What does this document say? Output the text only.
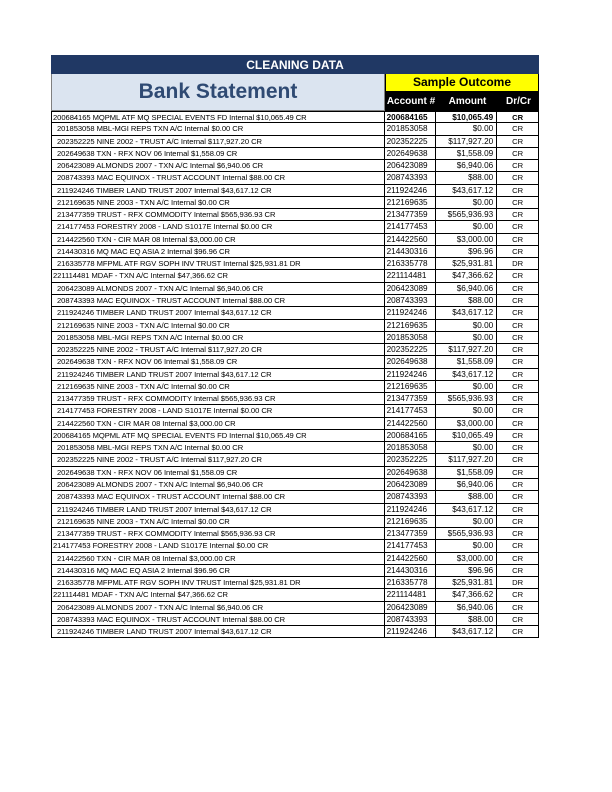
CLEANING DATA
Bank Statement	Sample Outcome
Account #	Amount	Dr/Cr
200684165 MQPML ATF MQ SPECIAL EVENTS FD Internal $10,065.49 CR	200684165	$10,065.49	CR
201853058 MBL-MGI REPS TXN A/C Internal $0.00 CR	201853058	$0.00	CR
202352225 NINE 2002 - TRUST A/C Internal $117,927.20 CR	202352225	$117,927.20	CR
202649638 TXN - RFX NOV 06 Internal $1,558.09 CR	202649638	$1,558.09	CR
206423089 ALMONDS 2007 - TXN A/C Internal $6,940.06 CR	206423089	$6,940.06	CR
208743393 MAC EQUINOX - TRUST ACCOUNT Internal $88.00 CR	208743393	$88.00	CR
211924246 TIMBER LAND TRUST 2007 Internal $43,617.12 CR	211924246	$43,617.12	CR
212169635 NINE 2003 - TXN A/C Internal $0.00 CR	212169635	$0.00	CR
213477359 TRUST - RFX COMMODITY Internal $565,936.93 CR	213477359	$565,936.93	CR
214177453 FORESTRY 2008 - LAND S1017E Internal $0.00 CR	214177453	$0.00	CR
214422560 TXN - CIR MAR 08 Internal $3,000.00 CR	214422560	$3,000.00	CR
214430316 MQ MAC EQ ASIA 2 Internal $96.96 CR	214430316	$96.96	CR
216335778 MFPML ATF RGV SOPH INV TRUST Internal $25,931.81 DR	216335778	$25,931.81	DR
221114481 MDAF - TXN A/C Internal $47,366.62 CR	221114481	$47,366.62	CR
206423089 ALMONDS 2007 - TXN A/C Internal $6,940.06 CR	206423089	$6,940.06	CR
208743393 MAC EQUINOX - TRUST ACCOUNT Internal $88.00 CR	208743393	$88.00	CR
211924246 TIMBER LAND TRUST 2007 Internal $43,617.12 CR	211924246	$43,617.12	CR
212169635 NINE 2003 - TXN A/C Internal $0.00 CR	212169635	$0.00	CR
201853058 MBL-MGI REPS TXN A/C Internal $0.00 CR	201853058	$0.00	CR
202352225 NINE 2002 - TRUST A/C Internal $117,927.20 CR	202352225	$117,927.20	CR
202649638 TXN - RFX NOV 06 Internal $1,558.09 CR	202649638	$1,558.09	CR
211924246 TIMBER LAND TRUST 2007 Internal $43,617.12 CR	211924246	$43,617.12	CR
212169635 NINE 2003 - TXN A/C Internal $0.00 CR	212169635	$0.00	CR
213477359 TRUST - RFX COMMODITY Internal $565,936.93 CR	213477359	$565,936.93	CR
214177453 FORESTRY 2008 - LAND S1017E Internal $0.00 CR	214177453	$0.00	CR
214422560 TXN - CIR MAR 08 Internal $3,000.00 CR	214422560	$3,000.00	CR
200684165 MQPML ATF MQ SPECIAL EVENTS FD Internal $10,065.49 CR	200684165	$10,065.49	CR
201853058 MBL-MGI REPS TXN A/C Internal $0.00 CR	201853058	$0.00	CR
202352225 NINE 2002 - TRUST A/C Internal $117,927.20 CR	202352225	$117,927.20	CR
202649638 TXN - RFX NOV 06 Internal $1,558.09 CR	202649638	$1,558.09	CR
206423089 ALMONDS 2007 - TXN A/C Internal $6,940.06 CR	206423089	$6,940.06	CR
208743393 MAC EQUINOX - TRUST ACCOUNT Internal $88.00 CR	208743393	$88.00	CR
211924246 TIMBER LAND TRUST 2007 Internal $43,617.12 CR	211924246	$43,617.12	CR
212169635 NINE 2003 - TXN A/C Internal $0.00 CR	212169635	$0.00	CR
213477359 TRUST - RFX COMMODITY Internal $565,936.93 CR	213477359	$565,936.93	CR
214177453 FORESTRY 2008 - LAND S1017E Internal $0.00 CR	214177453	$0.00	CR
214422560 TXN - CIR MAR 08 Internal $3,000.00 CR	214422560	$3,000.00	CR
214430316 MQ MAC EQ ASIA 2 Internal $96.96 CR	214430316	$96.96	CR
216335778 MFPML ATF RGV SOPH INV TRUST Internal $25,931.81 DR	216335778	$25,931.81	DR
221114481 MDAF - TXN A/C Internal $47,366.62 CR	221114481	$47,366.62	CR
206423089 ALMONDS 2007 - TXN A/C Internal $6,940.06 CR	206423089	$6,940.06	CR
208743393 MAC EQUINOX - TRUST ACCOUNT Internal $88.00 CR	208743393	$88.00	CR
211924246 TIMBER LAND TRUST 2007 Internal $43,617.12 CR	211924246	$43,617.12	CR
